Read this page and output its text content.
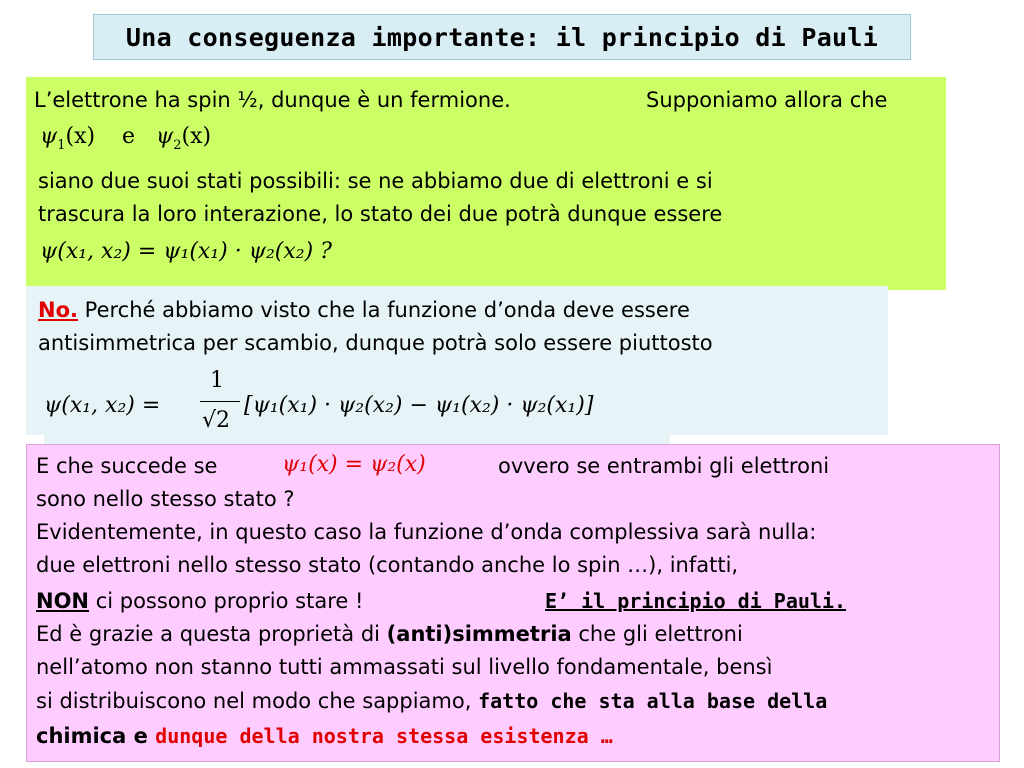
Una conseguenza importante: il principio di Pauli
L’elettrone ha spin ½, dunque è un fermione.	Supponiamo allora che
$\psi_1(x)$ e $\psi_2(x)$
siano due suoi stati possibili: se ne abbiamo due di elettroni e si
trascura la loro interazione, lo stato dei due potrà dunque essere
ψ(x₁, x₂) = ψ₁(x₁) · ψ₂(x₂) ?
No. Perché abbiamo visto che la funzione d’onda deve essere
antisimmetrica per scambio, dunque potrà solo essere piuttosto
ψ(x₁, x₂) =
1
√2
[ψ₁(x₁) · ψ₂(x₂) − ψ₁(x₂) · ψ₂(x₁)]
E che succede se	ψ₁(x) = ψ₂(x)	ovvero se entrambi gli elettroni
sono nello stesso stato ?
Evidentemente, in questo caso la funzione d’onda complessiva sarà nulla:
due elettroni nello stesso stato (contando anche lo spin …), infatti,
NON ci possono proprio stare !	E’ il principio di Pauli.
Ed è grazie a questa proprietà di (anti)simmetria che gli elettroni
nell’atomo non stanno tutti ammassati sul livello fondamentale, bensì
si distribuiscono nel modo che sappiamo, fatto che sta alla base della
chimica e dunque della nostra stessa esistenza …
